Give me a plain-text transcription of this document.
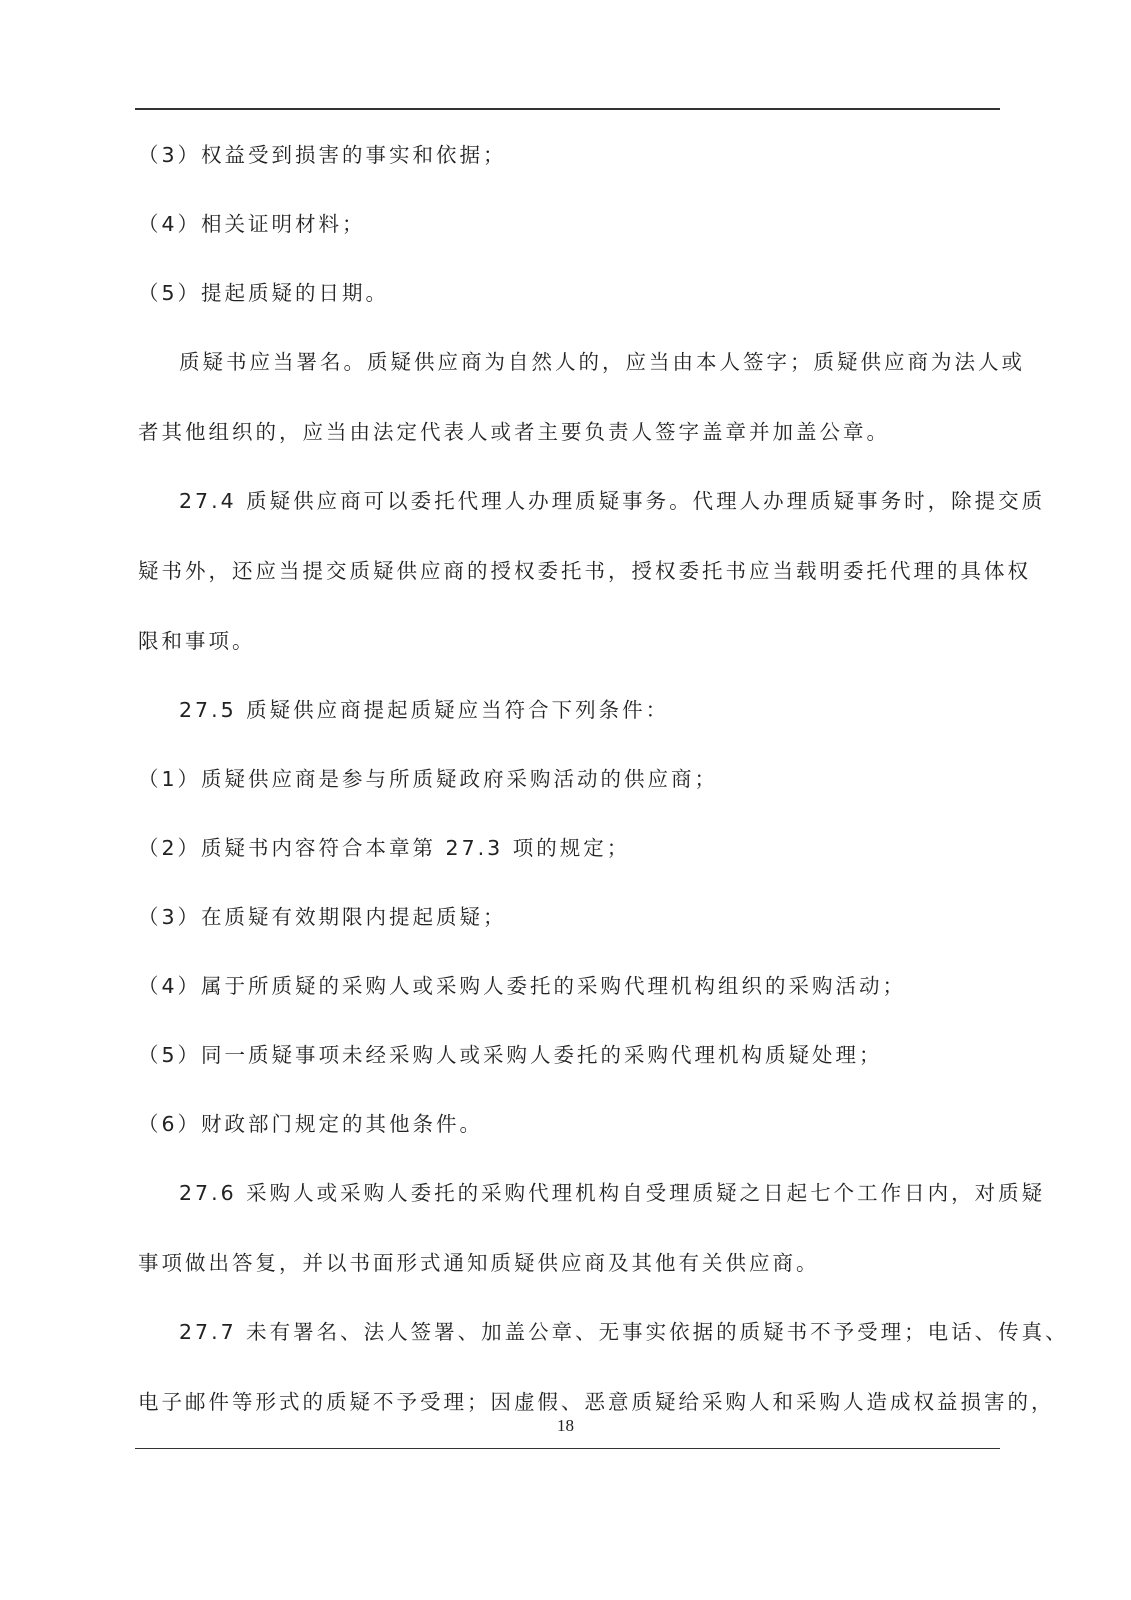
（3）权益受到损害的事实和依据；
（4）相关证明材料；
（5）提起质疑的日期。
质疑书应当署名。质疑供应商为自然人的，应当由本人签字；质疑供应商为法人或
者其他组织的，应当由法定代表人或者主要负责人签字盖章并加盖公章。
27.4 质疑供应商可以委托代理人办理质疑事务。代理人办理质疑事务时，除提交质
疑书外，还应当提交质疑供应商的授权委托书，授权委托书应当载明委托代理的具体权
限和事项。
27.5 质疑供应商提起质疑应当符合下列条件：
（1）质疑供应商是参与所质疑政府采购活动的供应商；
（2）质疑书内容符合本章第 27.3 项的规定；
（3）在质疑有效期限内提起质疑；
（4）属于所质疑的采购人或采购人委托的采购代理机构组织的采购活动；
（5）同一质疑事项未经采购人或采购人委托的采购代理机构质疑处理；
（6）财政部门规定的其他条件。
27.6 采购人或采购人委托的采购代理机构自受理质疑之日起七个工作日内，对质疑
事项做出答复，并以书面形式通知质疑供应商及其他有关供应商。
27.7 未有署名、法人签署、加盖公章、无事实依据的质疑书不予受理；电话、传真、
电子邮件等形式的质疑不予受理；因虚假、恶意质疑给采购人和采购人造成权益损害的，
18
